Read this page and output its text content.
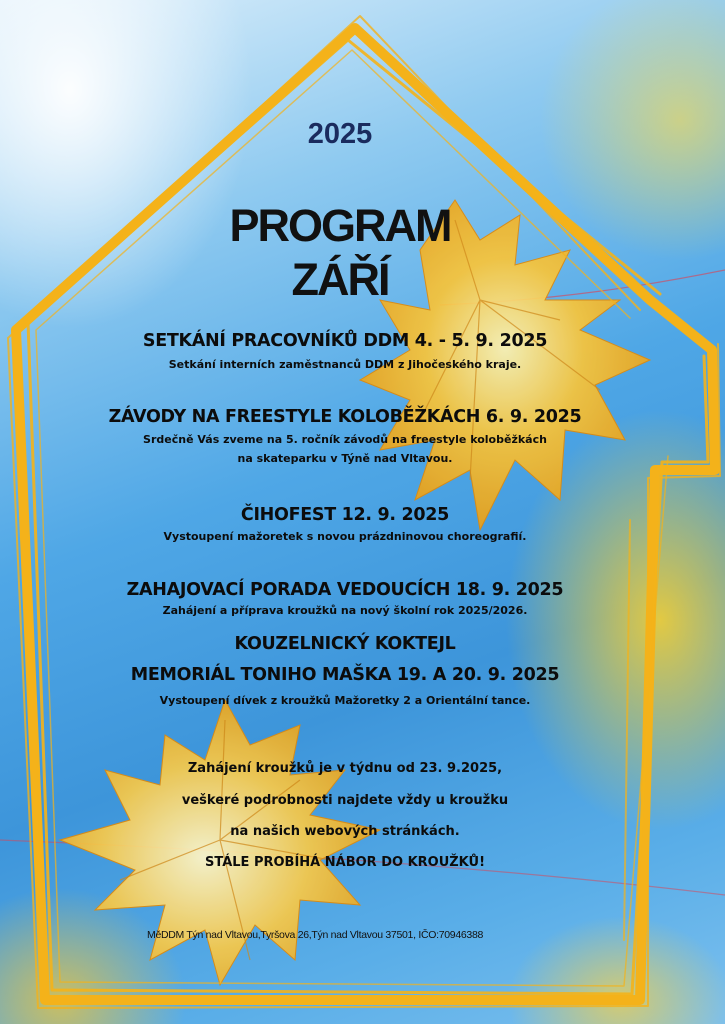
2025
PROGRAM
ZÁŘÍ

SETKÁNÍ PRACOVNÍKŮ DDM 4. - 5. 9. 2025

Setkání interních zaměstnanců DDM z Jihočeského kraje.

ZÁVODY NA FREESTYLE KOLOBĚŽKÁCH 6. 9. 2025

Srdečně Vás zveme na 5. ročník závodů na freestyle koloběžkách

na skateparku v Týně nad Vltavou.

ČIHOFEST 12. 9. 2025

Vystoupení mažoretek s novou prázdninovou choreografií.

ZAHAJOVACÍ PORADA VEDOUCÍCH 18. 9. 2025

Zahájení a příprava kroužků na nový školní rok 2025/2026.

KOUZELNICKÝ KOKTEJL

MEMORIÁL TONIHO MAŠKA 19. A 20. 9. 2025

Vystoupení dívek z kroužků Mažoretky 2 a Orientální tance.

Zahájení kroužků je v týdnu od 23. 9.2025,

veškeré podrobnosti najdete vždy u kroužku

na našich webových stránkách.

STÁLE PROBÍHÁ NÁBOR DO KROUŽKŮ!

MěDDM Týn nad Vltavou,Tyršova 26,Týn nad Vltavou 37501, IČO:70946388
